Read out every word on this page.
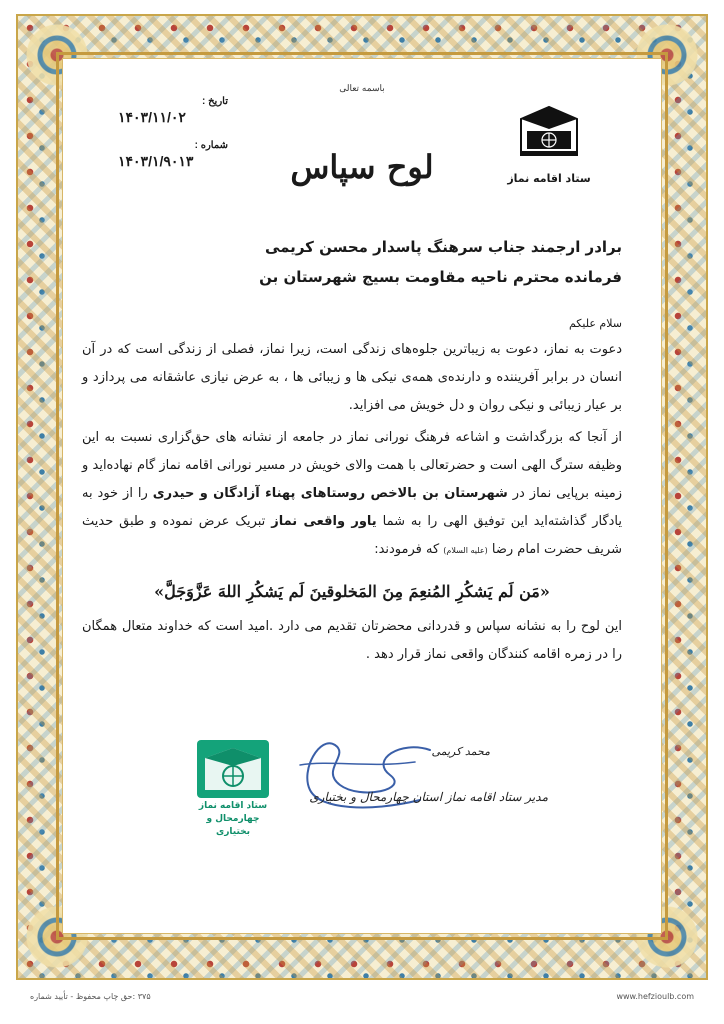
باسمه تعالی
ستاد اقامه نماز
تاریخ :
۱۴۰۳/۱۱/۰۲
شماره :
۱۴۰۳/۱/۹۰۱۳	لوح سپاس
برادر ارجمند جناب سرهنگ پاسدار محسن کریمی
فرمانده محترم ناحیه مقاومت بسیج شهرستان بن
سلام علیکم
دعوت به نماز، دعوت به زیباترین جلوه‌های زندگی است، زیرا نماز، فصلی از زندگی است که در آن انسان در برابر آفریننده و دارنده‌ی همه‌ی نیکی ها و زیبائی ها ، به عرض نیازی عاشقانه می پردازد و بر عیار زیبائی و نیکی روان و دل خویش می افزاید.
از آنجا که بزرگداشت و اشاعه فرهنگ نورانی نماز در جامعه از نشانه های حق‌گزاری نسبت به این وظیفه سترگ الهی است و حضرتعالی با همت والای خویش در مسیر نورانی اقامه نماز گام نهاده‌اید و زمینه برپایی نماز در شهرستان بن بالاخص روستاهای پهناء آزادگان و حیدری را از خود به یادگار گذاشته‌اید این توفیق الهی را به شما یاور واقعی نماز تبریک عرض نموده و طبق حدیث شریف حضرت امام رضا (علیه السلام) که فرمودند:
«مَن لَم یَشکُرِ المُنعِمَ مِنَ المَخلوقینَ لَم یَشکُرِ اللهَ عَزَّوَجَلَّ»
این لوح را به نشانه سپاس و قدردانی محضرتان تقدیم می دارد .امید است که خداوند متعال همگان را در زمره اقامه کنندگان واقعی نماز قرار دهد .
ستاد اقامه نماز
چهارمحال و بختیاری
محمد کریمی
مدیر ستاد اقامه نماز استان چهارمحال و بختیاری
۳۷۵ :حق چاپ محفوظ - تأیید شماره	www.hefzioulb.com
